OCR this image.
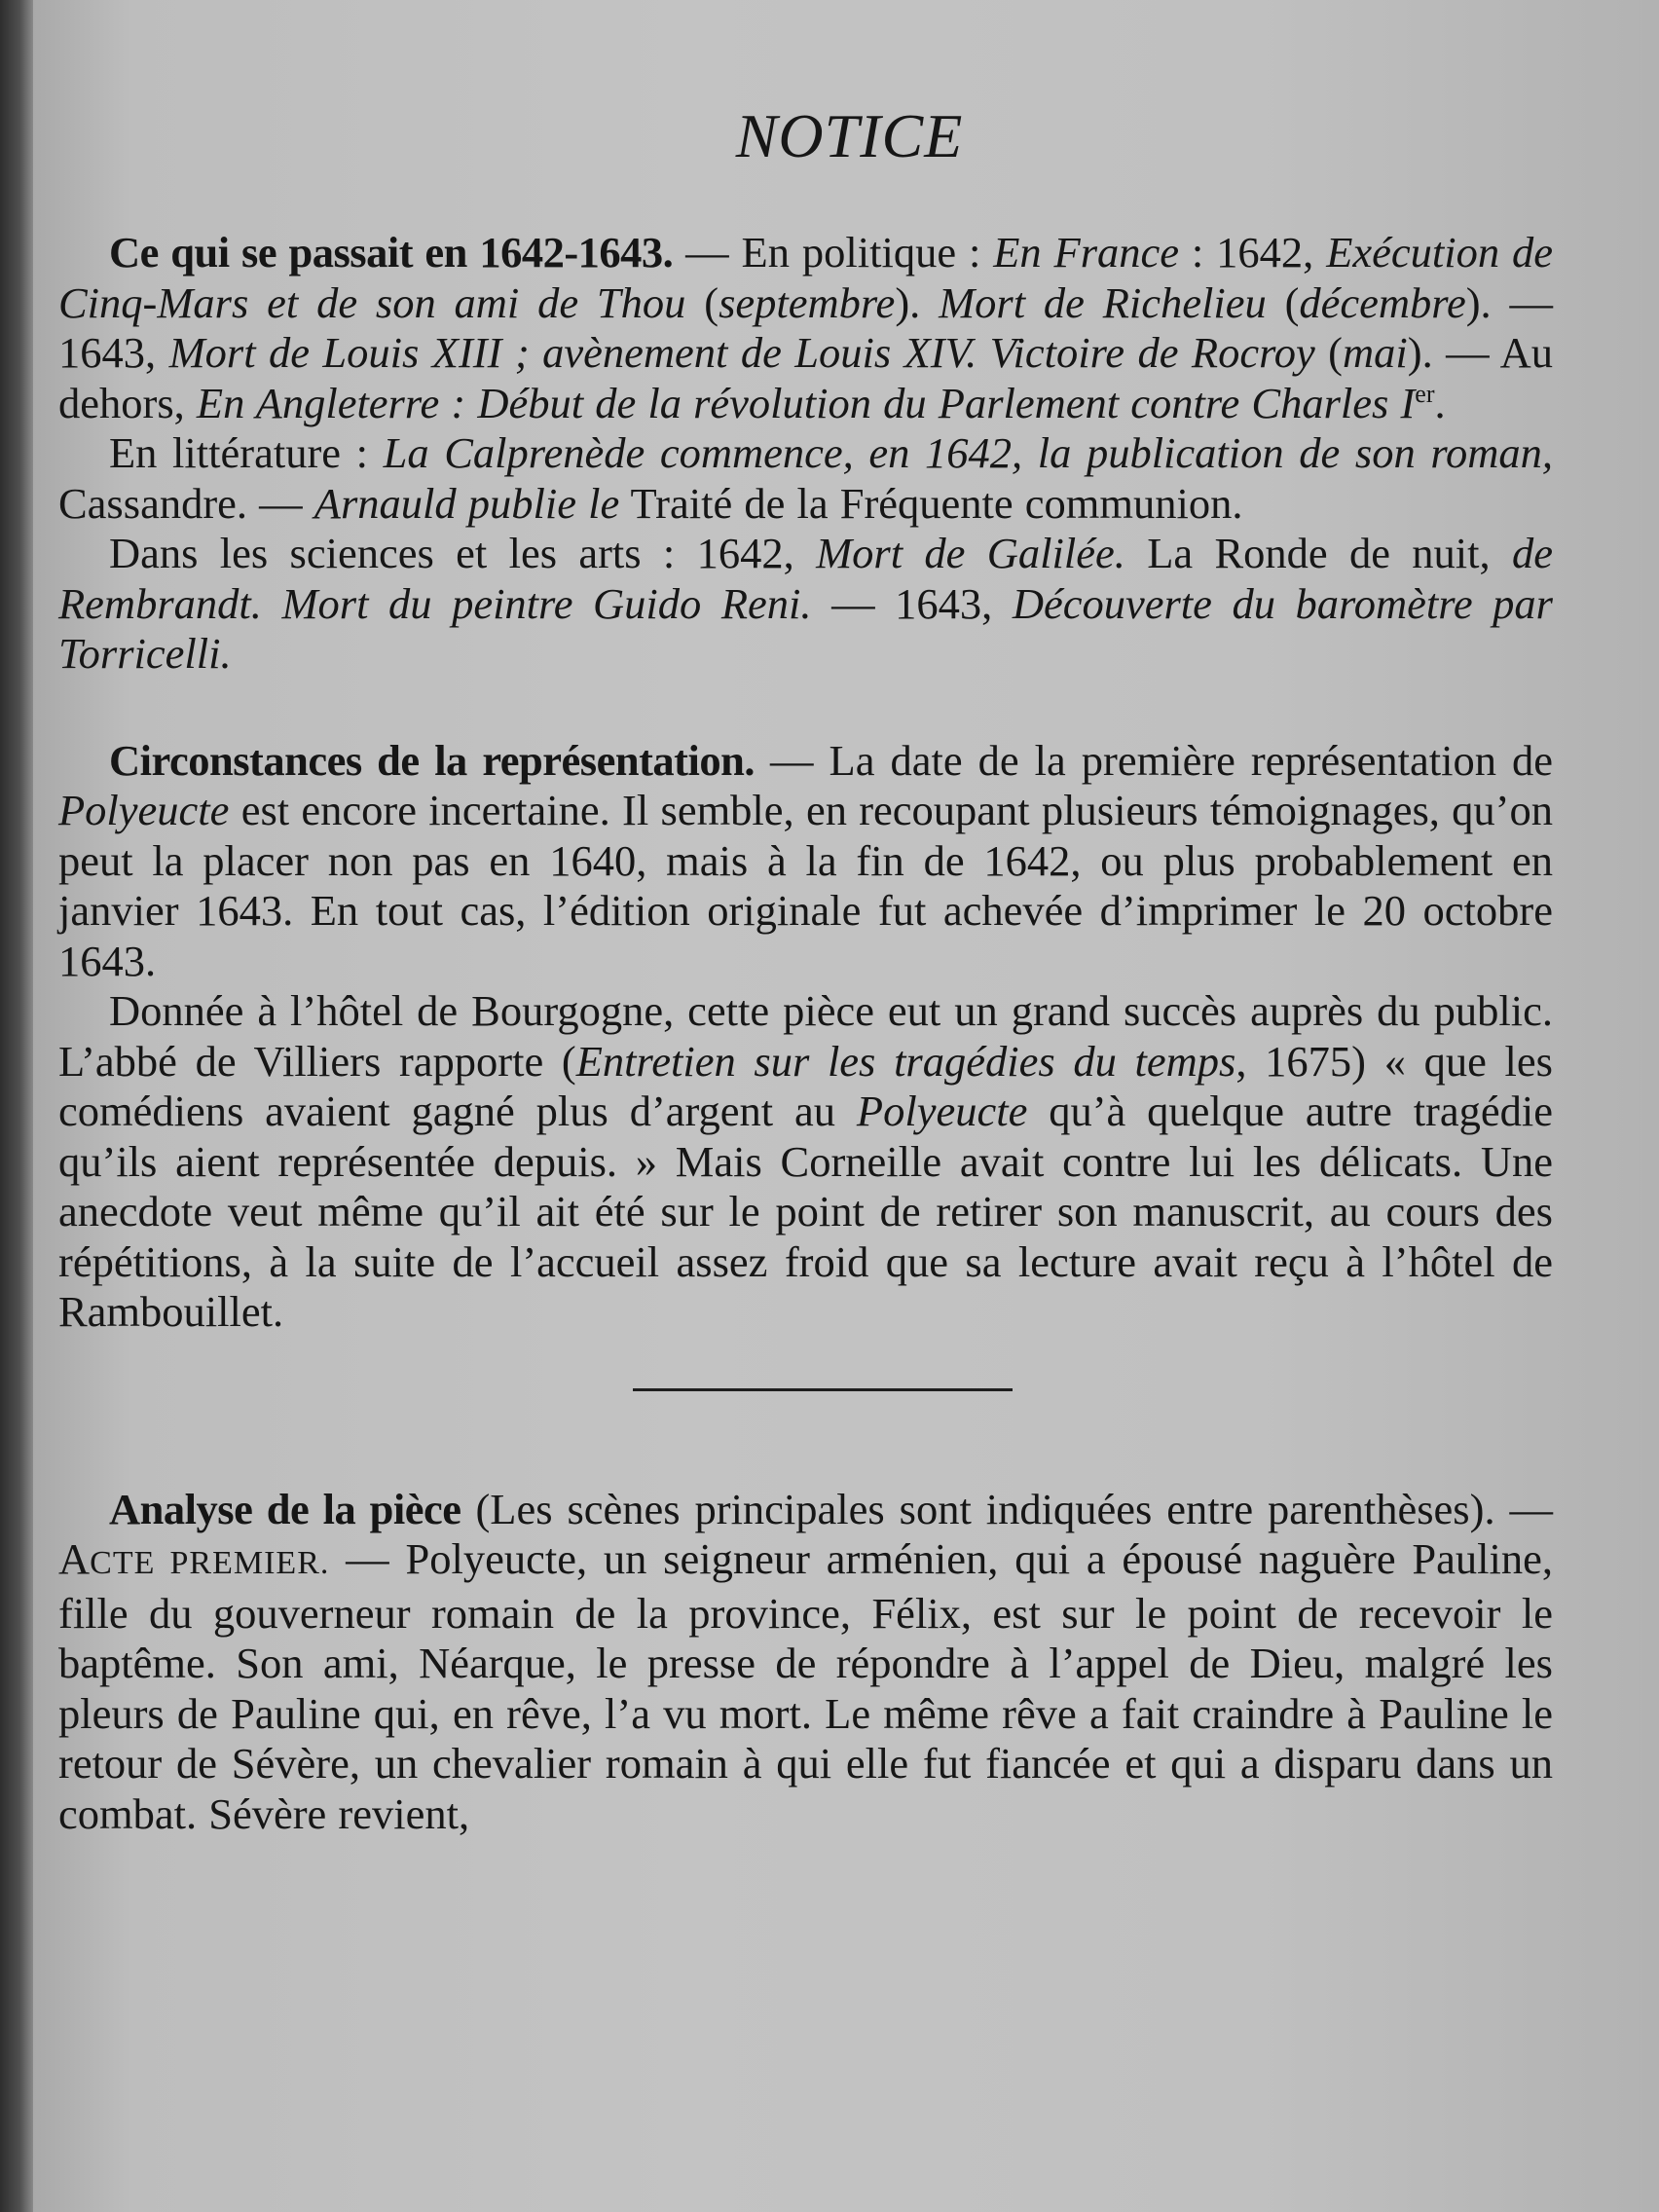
NOTICE

Ce qui se passait en 1642-1643. — En politique : En France : 1642, Exécution de Cinq-Mars et de son ami de Thou (septembre). Mort de Richelieu (décembre). — 1643, Mort de Louis XIII ; avènement de Louis XIV. Victoire de Rocroy (mai). — Au dehors, En Angleterre : Début de la révolution du Parlement contre Charles Ier.

En littérature : La Calprenède commence, en 1642, la publication de son roman, Cassandre. — Arnauld publie le Traité de la Fréquente communion.

Dans les sciences et les arts : 1642, Mort de Galilée. La Ronde de nuit, de Rembrandt. Mort du peintre Guido Reni. — 1643, Découverte du baromètre par Torricelli.

Circonstances de la représentation. — La date de la première représentation de Polyeucte est encore incertaine. Il semble, en recoupant plusieurs témoignages, qu’on peut la placer non pas en 1640, mais à la fin de 1642, ou plus probablement en janvier 1643. En tout cas, l’édition originale fut achevée d’imprimer le 20 octobre 1643.

Donnée à l’hôtel de Bourgogne, cette pièce eut un grand succès auprès du public. L’abbé de Villiers rapporte (Entretien sur les tragédies du temps, 1675) « que les comédiens avaient gagné plus d’argent au Polyeucte qu’à quelque autre tragédie qu’ils aient représentée depuis. » Mais Corneille avait contre lui les délicats. Une anecdote veut même qu’il ait été sur le point de retirer son manuscrit, au cours des répétitions, à la suite de l’accueil assez froid que sa lecture avait reçu à l’hôtel de Rambouillet.

Analyse de la pièce (Les scènes principales sont indiquées entre parenthèses). — ACTE PREMIER. — Polyeucte, un seigneur arménien, qui a épousé naguère Pauline, fille du gouverneur romain de la province, Félix, est sur le point de recevoir le baptême. Son ami, Néarque, le presse de répondre à l’appel de Dieu, malgré les pleurs de Pauline qui, en rêve, l’a vu mort. Le même rêve a fait craindre à Pauline le retour de Sévère, un chevalier romain à qui elle fut fiancée et qui a disparu dans un combat. Sévère revient,
